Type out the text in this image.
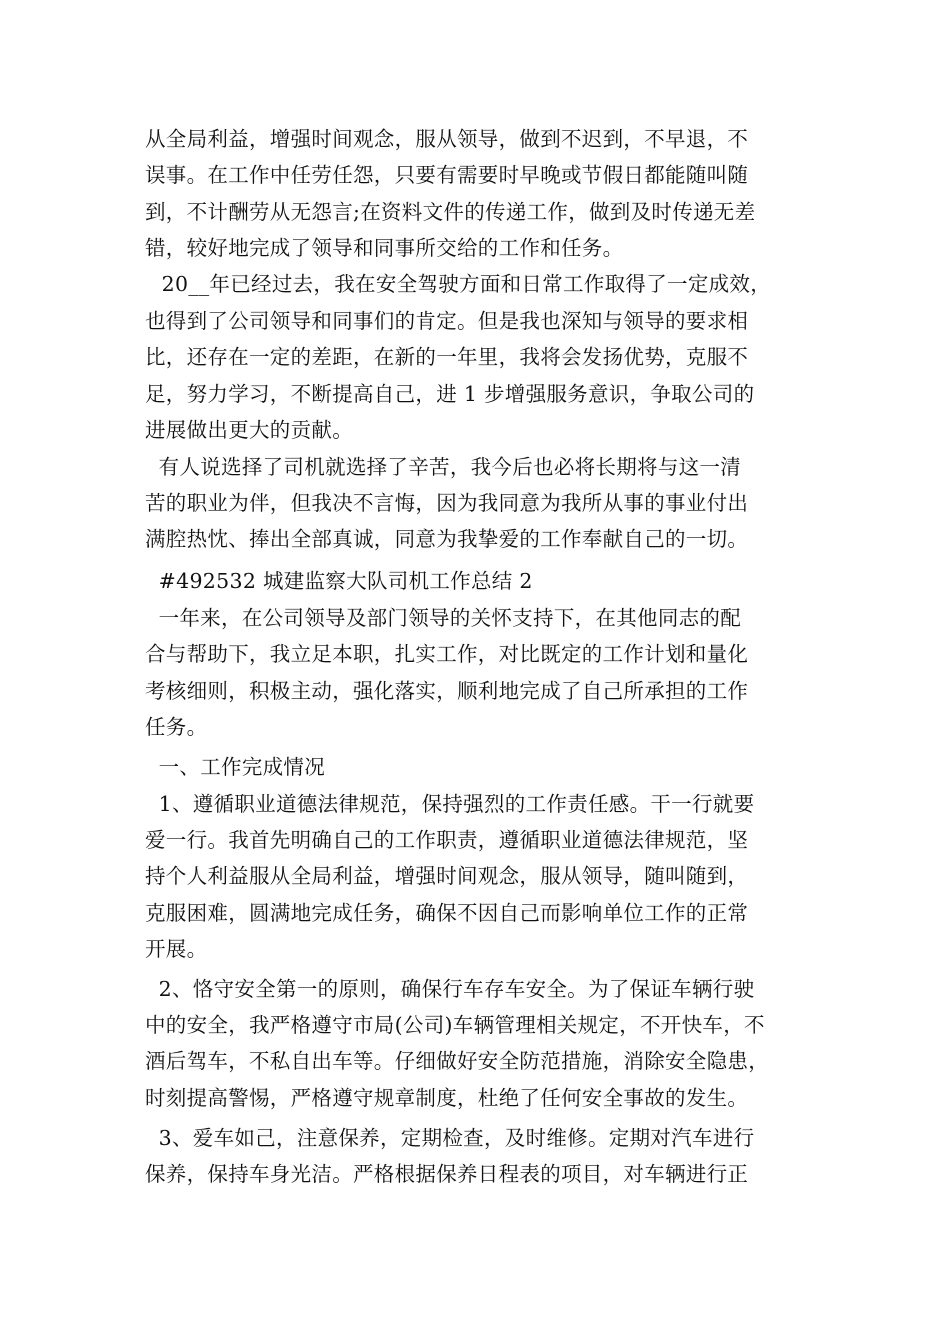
从全局利益，增强时间观念，服从领导，做到不迟到，不早退，不
误事。在工作中任劳任怨，只要有需要时早晚或节假日都能随叫随
到，不计酬劳从无怨言;在资料文件的传递工作，做到及时传递无差
错，较好地完成了领导和同事所交给的工作和任务。
20__年已经过去，我在安全驾驶方面和日常工作取得了一定成效，
也得到了公司领导和同事们的肯定。但是我也深知与领导的要求相
比，还存在一定的差距，在新的一年里，我将会发扬优势，克服不
足，努力学习，不断提高自己，进 1 步增强服务意识，争取公司的
进展做出更大的贡献。
有人说选择了司机就选择了辛苦，我今后也必将长期将与这一清
苦的职业为伴，但我决不言悔，因为我同意为我所从事的事业付出
满腔热忱、捧出全部真诚，同意为我挚爱的工作奉献自己的一切。
#492532 城建监察大队司机工作总结 2
一年来，在公司领导及部门领导的关怀支持下，在其他同志的配
合与帮助下，我立足本职，扎实工作，对比既定的工作计划和量化
考核细则，积极主动，强化落实，顺利地完成了自己所承担的工作
任务。
一、工作完成情况
1、遵循职业道德法律规范，保持强烈的工作责任感。干一行就要
爱一行。我首先明确自己的工作职责，遵循职业道德法律规范，坚
持个人利益服从全局利益，增强时间观念，服从领导，随叫随到，
克服困难，圆满地完成任务，确保不因自己而影响单位工作的正常
开展。
2、恪守安全第一的原则，确保行车存车安全。为了保证车辆行驶
中的安全，我严格遵守市局(公司)车辆管理相关规定，不开快车，不
酒后驾车，不私自出车等。仔细做好安全防范措施，消除安全隐患，
时刻提高警惕，严格遵守规章制度，杜绝了任何安全事故的发生。
3、爱车如己，注意保养，定期检查，及时维修。定期对汽车进行
保养，保持车身光洁。严格根据保养日程表的项目，对车辆进行正
